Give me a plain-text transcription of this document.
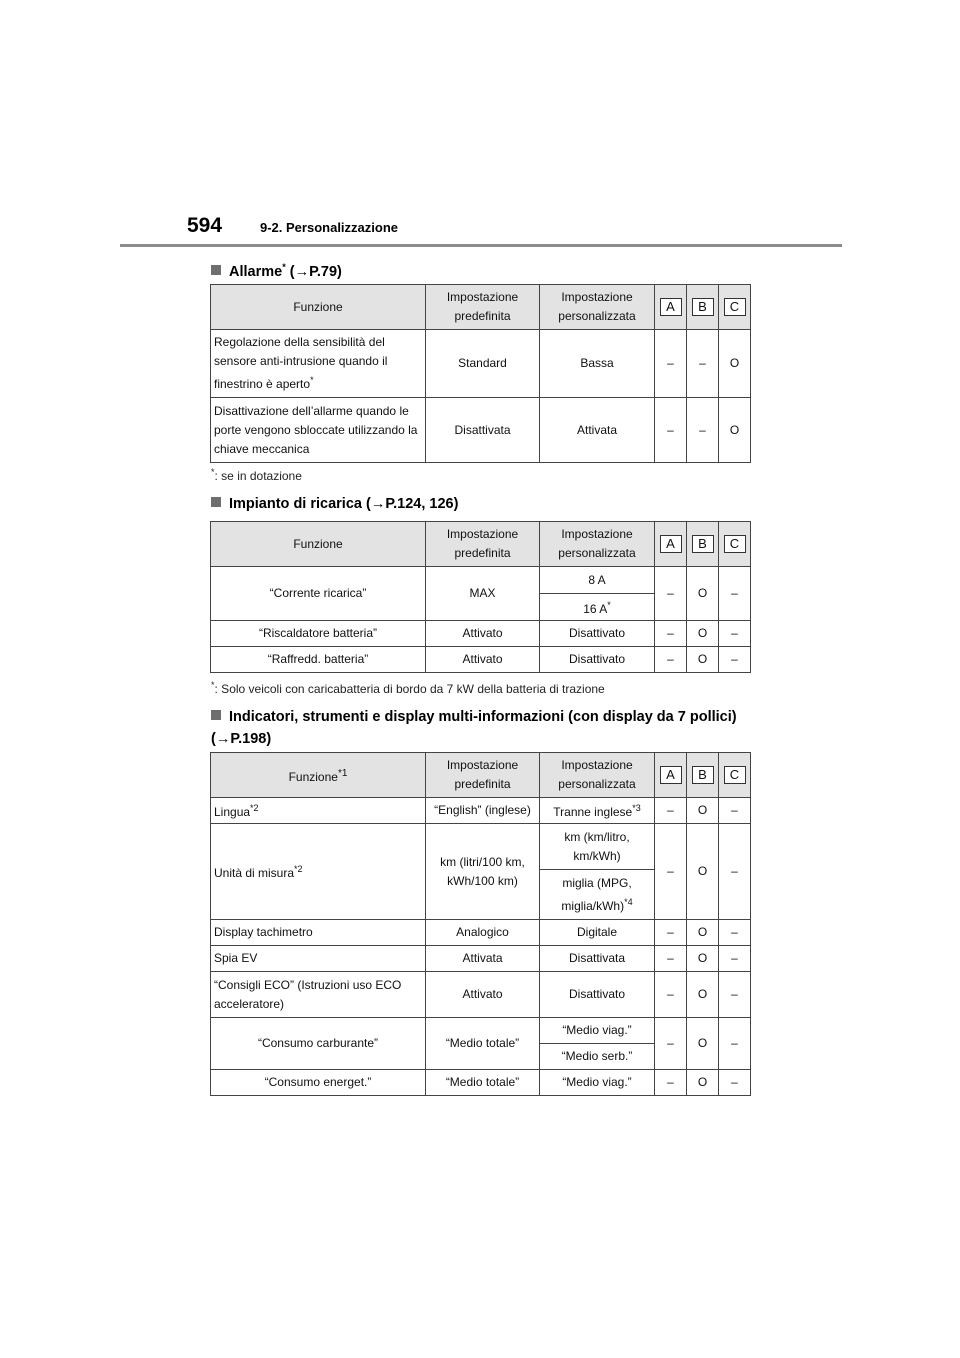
594	9-2. Personalizzazione
Allarme* (→P.79)
Funzione	Impostazione predefinita	Impostazione personalizzata	A	B	C
Regolazione della sensibilità del sensore anti-intrusione quando il finestrino è aperto*	Standard	Bassa	–	–	O
Disattivazione dell’allarme quando le porte vengono sbloccate utilizzando la chiave meccanica	Disattivata	Attivata	–	–	O
*: se in dotazione
Impianto di ricarica (→P.124, 126)
Funzione	Impostazione predefinita	Impostazione personalizzata	A	B	C
“Corrente ricarica”	MAX	8 A	–	O	–
		16 A*
“Riscaldatore batteria”	Attivato	Disattivato	–	O	–
“Raffredd. batteria”	Attivato	Disattivato	–	O	–
*: Solo veicoli con caricabatteria di bordo da 7 kW della batteria di trazione
Indicatori, strumenti e display multi-informazioni (con display da 7 pollici)
(→P.198)
Funzione$^{*1}$	Impostazione predefinita	Impostazione personalizzata	A	B	C
Lingua$^{*2}$	“English” (inglese)	Tranne inglese$^{*3}$	–	O	–
Unità di misura$^{*2}$	km (litri/100 km, kWh/100 km)	km (km/litro, km/kWh)	–	O	–
		miglia (MPG, miglia/kWh)$^{*4}$
Display tachimetro	Analogico	Digitale	–	O	–
Spia EV	Attivata	Disattivata	–	O	–
“Consigli ECO” (Istruzioni uso ECO acceleratore)	Attivato	Disattivato	–	O	–
“Consumo carburante”	“Medio totale”	“Medio viag.”	–	O	–
		“Medio serb.”			
“Consumo energet.”	“Medio totale”	“Medio viag.”	–	O	–
